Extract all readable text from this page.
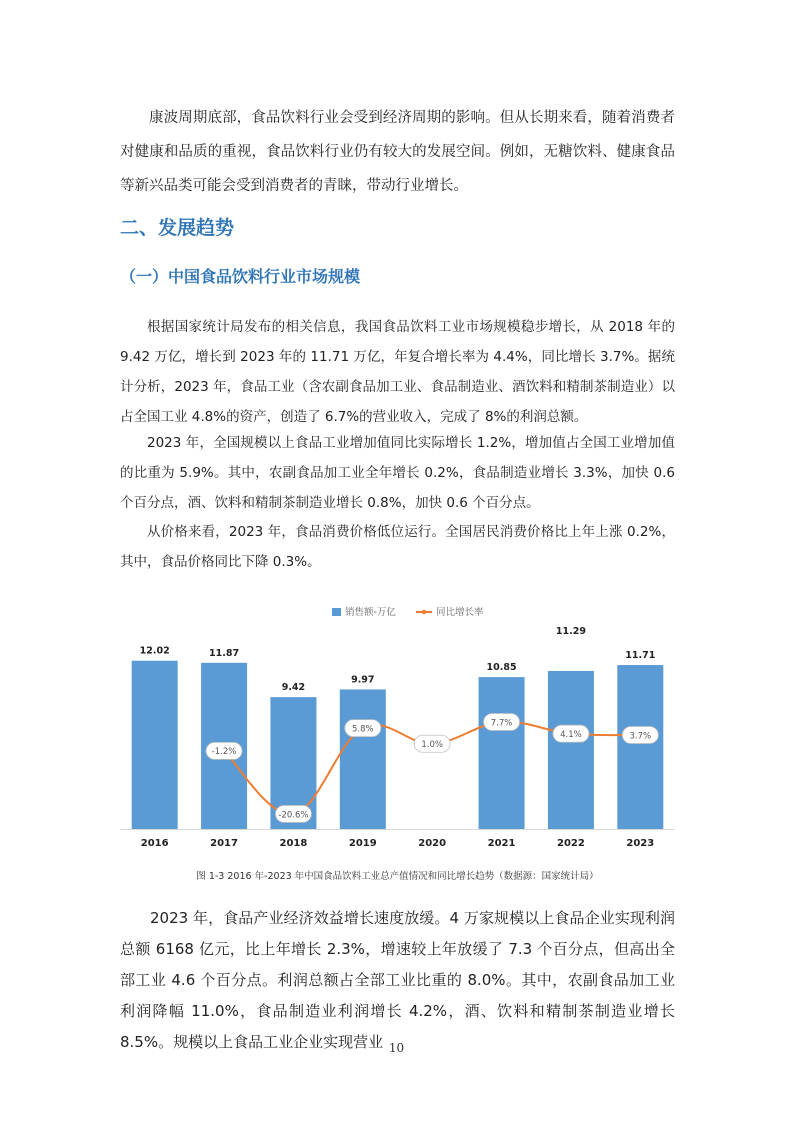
康波周期底部，食品饮料行业会受到经济周期的影响。但从长期来看，随着消费者对健康和品质的重视，食品饮料行业仍有较大的发展空间。例如，无糖饮料、健康食品等新兴品类可能会受到消费者的青睐，带动行业增长。

二、发展趋势
（一）中国食品饮料行业市场规模

根据国家统计局发布的相关信息，我国食品饮料工业市场规模稳步增长，从 2018 年的 9.42 万亿，增长到 2023 年的 11.71 万亿，年复合增长率为 4.4%，同比增长 3.7%。据统计分析，2023 年，食品工业（含农副食品加工业、食品制造业、酒饮料和精制茶制造业）以占全国工业 4.8%的资产，创造了 6.7%的营业收入，完成了 8%的利润总额。

2023 年，全国规模以上食品工业增加值同比实际增长 1.2%，增加值占全国工业增加值的比重为 5.9%。其中，农副食品加工业全年增长 0.2%，食品制造业增长 3.3%，加快 0.6 个百分点，酒、饮料和精制茶制造业增长 0.8%，加快 0.6 个百分点。

从价格来看，2023 年，食品消费价格低位运行。全国居民消费价格比上年上涨 0.2%，其中，食品价格同比下降 0.3%。

销售额-万亿	同比增长率
12.02	11.87
9.42
9.97
10.85
11.29
11.71
2016	2017	2018	2019	2020	2021	2022	2023
-1.2%
-20.6%
5.8%
1.0%
7.7%
4.1%	3.7%

图 1-3 2016 年-2023 年中国食品饮料工业总产值情况和同比增长趋势（数据源：国家统计局）

2023 年，食品产业经济效益增长速度放缓。4 万家规模以上食品企业实现利润总额 6168 亿元，比上年增长 2.3%，增速较上年放缓了 7.3 个百分点，但高出全部工业 4.6 个百分点。利润总额占全部工业比重的 8.0%。其中，农副食品加工业利润降幅 11.0%，食品制造业利润增长 4.2%，酒、饮料和精制茶制造业增长 8.5%。规模以上食品工业企业实现营业 10
